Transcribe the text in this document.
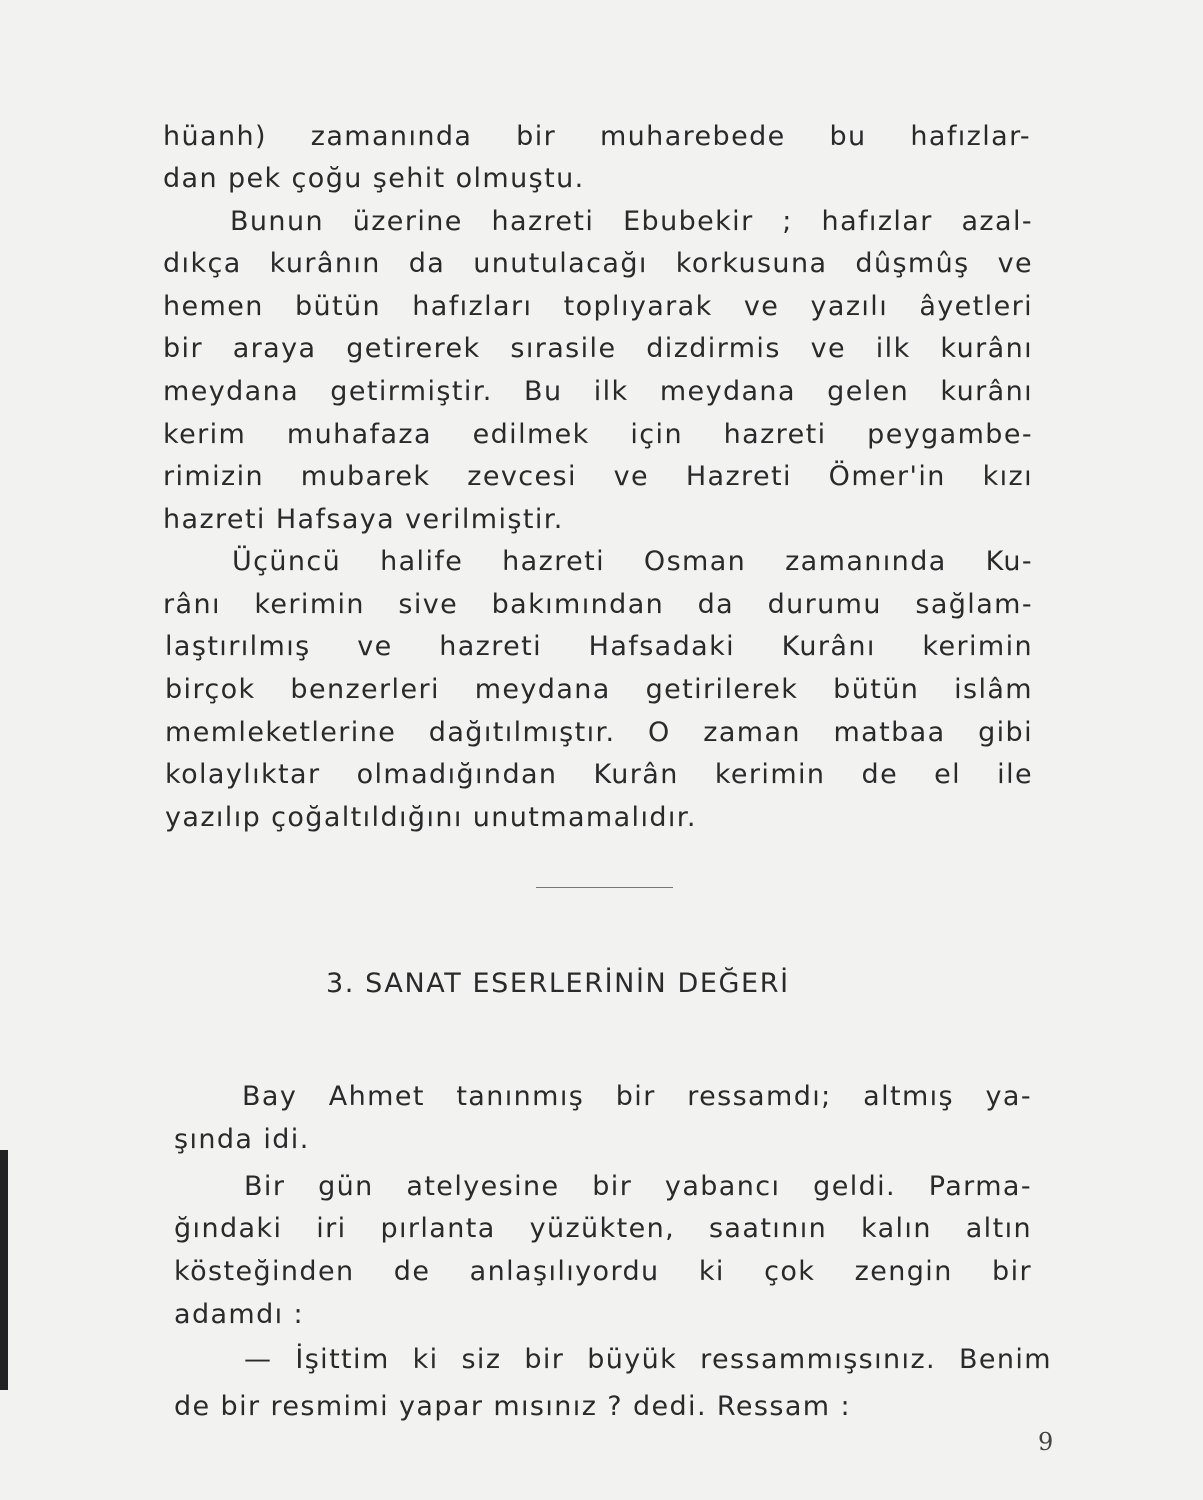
hüanh) zamanında bir muharebede bu hafızlar-
dan pek çoğu şehit olmuştu.
Bunun üzerine hazreti Ebubekir ; hafızlar azal-
dıkça kurânın da unutulacağı korkusuna dûşmûş ve
hemen bütün hafızları toplıyarak ve yazılı âyetleri
bir araya getirerek sırasile dizdirmis ve ilk kurânı
meydana getirmiştir. Bu ilk meydana gelen kurânı
kerim muhafaza edilmek için hazreti peygambe-
rimizin mubarek zevcesi ve Hazreti Ömer'in kızı
hazreti Hafsaya verilmiştir.
Üçüncü halife hazreti Osman zamanında Ku-
rânı kerimin sive bakımından da durumu sağlam-
laştırılmış ve hazreti Hafsadaki Kurânı kerimin
birçok benzerleri meydana getirilerek bütün islâm
memleketlerine dağıtılmıştır. O zaman matbaa gibi
kolaylıktar olmadığından Kurân kerimin de el ile
yazılıp çoğaltıldığını unutmamalıdır.
3. SANAT ESERLERİNİN DEĞERİ
Bay Ahmet tanınmış bir ressamdı; altmış ya-
şında idi.
Bir gün atelyesine bir yabancı geldi. Parma-
ğındaki iri pırlanta yüzükten, saatının kalın altın
kösteğinden de anlaşılıyordu ki çok zengin bir
adamdı :
— İşittim ki siz bir büyük ressammışsınız. Benim
de bir resmimi yapar mısınız ? dedi. Ressam :
9
